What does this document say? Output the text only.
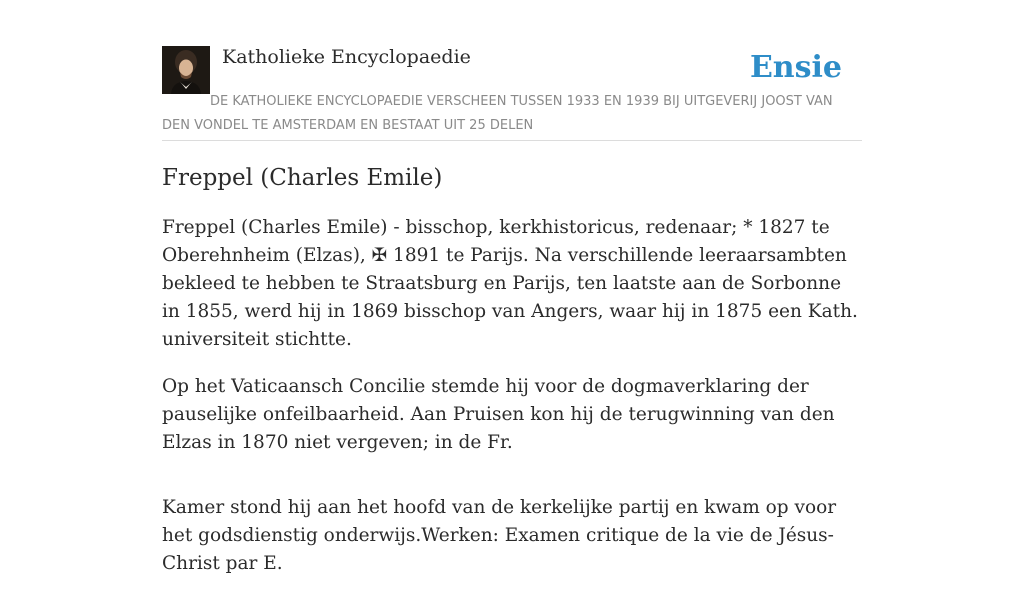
Katholieke Encyclopaedie	Ensie

DE KATHOLIEKE ENCYCLOPAEDIE VERSCHEEN TUSSEN 1933 EN 1939 BIJ UITGEVERIJ JOOST VAN DEN VONDEL TE AMSTERDAM EN BESTAAT UIT 25 DELEN

Freppel (Charles Emile)

Freppel (Charles Emile) - bisschop, kerkhistoricus, redenaar; * 1827 te Oberehnheim (Elzas), ✠ 1891 te Parijs. Na verschillende leeraarsambten bekleed te hebben te Straatsburg en Parijs, ten laatste aan de Sorbonne in 1855, werd hij in 1869 bisschop van Angers, waar hij in 1875 een Kath. universiteit stichtte.

Op het Vaticaansch Concilie stemde hij voor de dogmaverklaring der pauselijke onfeilbaarheid. Aan Pruisen kon hij de terugwinning van den Elzas in 1870 niet vergeven; in de Fr.

Kamer stond hij aan het hoofd van de kerkelijke partij en kwam op voor het godsdienstig onderwijs.Werken: Examen critique de la vie de Jésus-Christ par E.
